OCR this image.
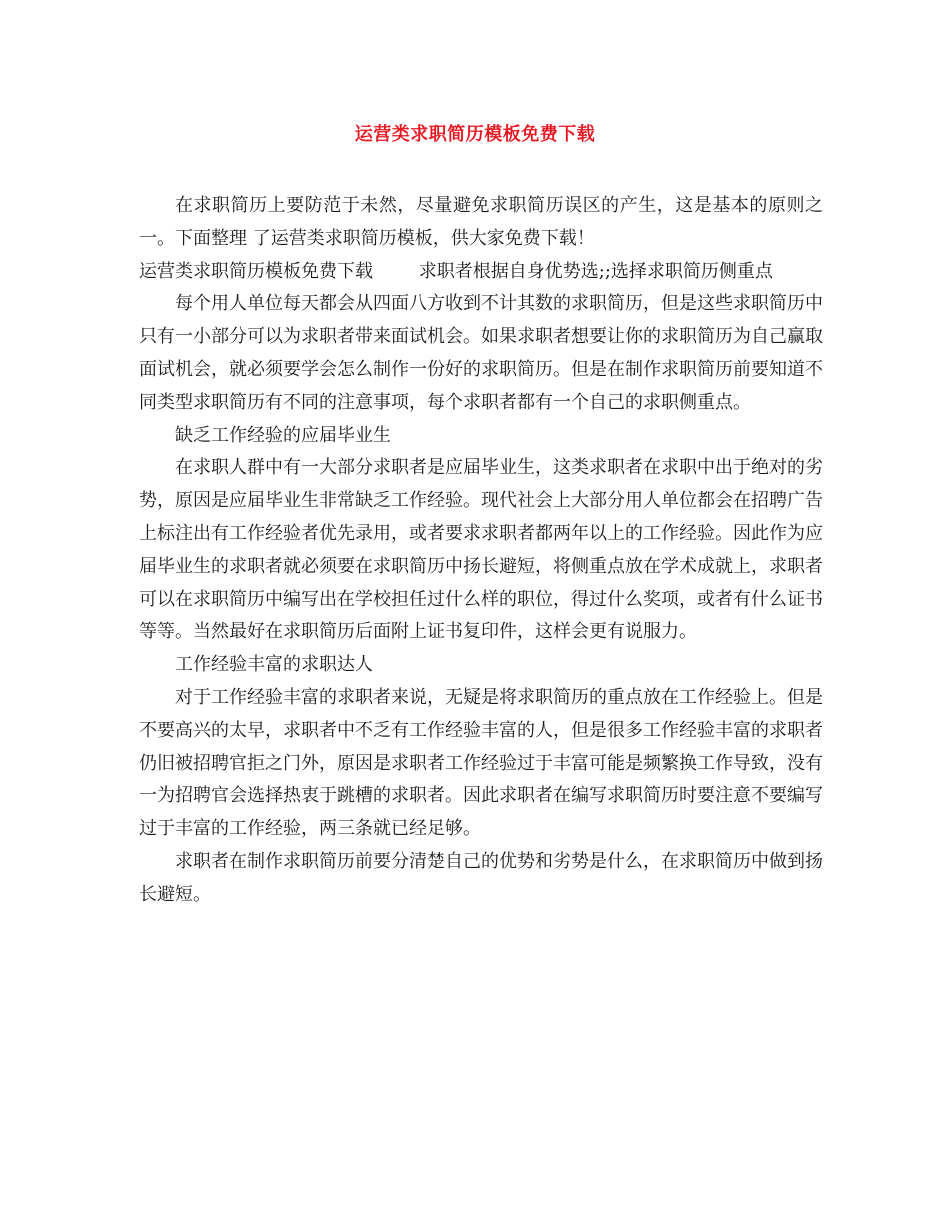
运营类求职简历模板免费下载

在求职简历上要防范于未然，尽量避免求职简历误区的产生，这是基本的原则之一。下面整理 了运营类求职简历模板，供大家免费下载！

运营类求职简历模板免费下载        求职者根据自身优势选;;选择求职简历侧重点

每个用人单位每天都会从四面八方收到不计其数的求职简历，但是这些求职简历中只有一小部分可以为求职者带来面试机会。如果求职者想要让你的求职简历为自己赢取面试机会，就必须要学会怎么制作一份好的求职简历。但是在制作求职简历前要知道不同类型求职简历有不同的注意事项，每个求职者都有一个自己的求职侧重点。

缺乏工作经验的应届毕业生

在求职人群中有一大部分求职者是应届毕业生，这类求职者在求职中出于绝对的劣势，原因是应届毕业生非常缺乏工作经验。现代社会上大部分用人单位都会在招聘广告上标注出有工作经验者优先录用，或者要求求职者都两年以上的工作经验。因此作为应届毕业生的求职者就必须要在求职简历中扬长避短，将侧重点放在学术成就上，求职者可以在求职简历中编写出在学校担任过什么样的职位，得过什么奖项，或者有什么证书等等。当然最好在求职简历后面附上证书复印件，这样会更有说服力。

工作经验丰富的求职达人

对于工作经验丰富的求职者来说，无疑是将求职简历的重点放在工作经验上。但是不要高兴的太早，求职者中不乏有工作经验丰富的人，但是很多工作经验丰富的求职者仍旧被招聘官拒之门外，原因是求职者工作经验过于丰富可能是频繁换工作导致，没有一为招聘官会选择热衷于跳槽的求职者。因此求职者在编写求职简历时要注意不要编写过于丰富的工作经验，两三条就已经足够。

求职者在制作求职简历前要分清楚自己的优势和劣势是什么，在求职简历中做到扬长避短。
